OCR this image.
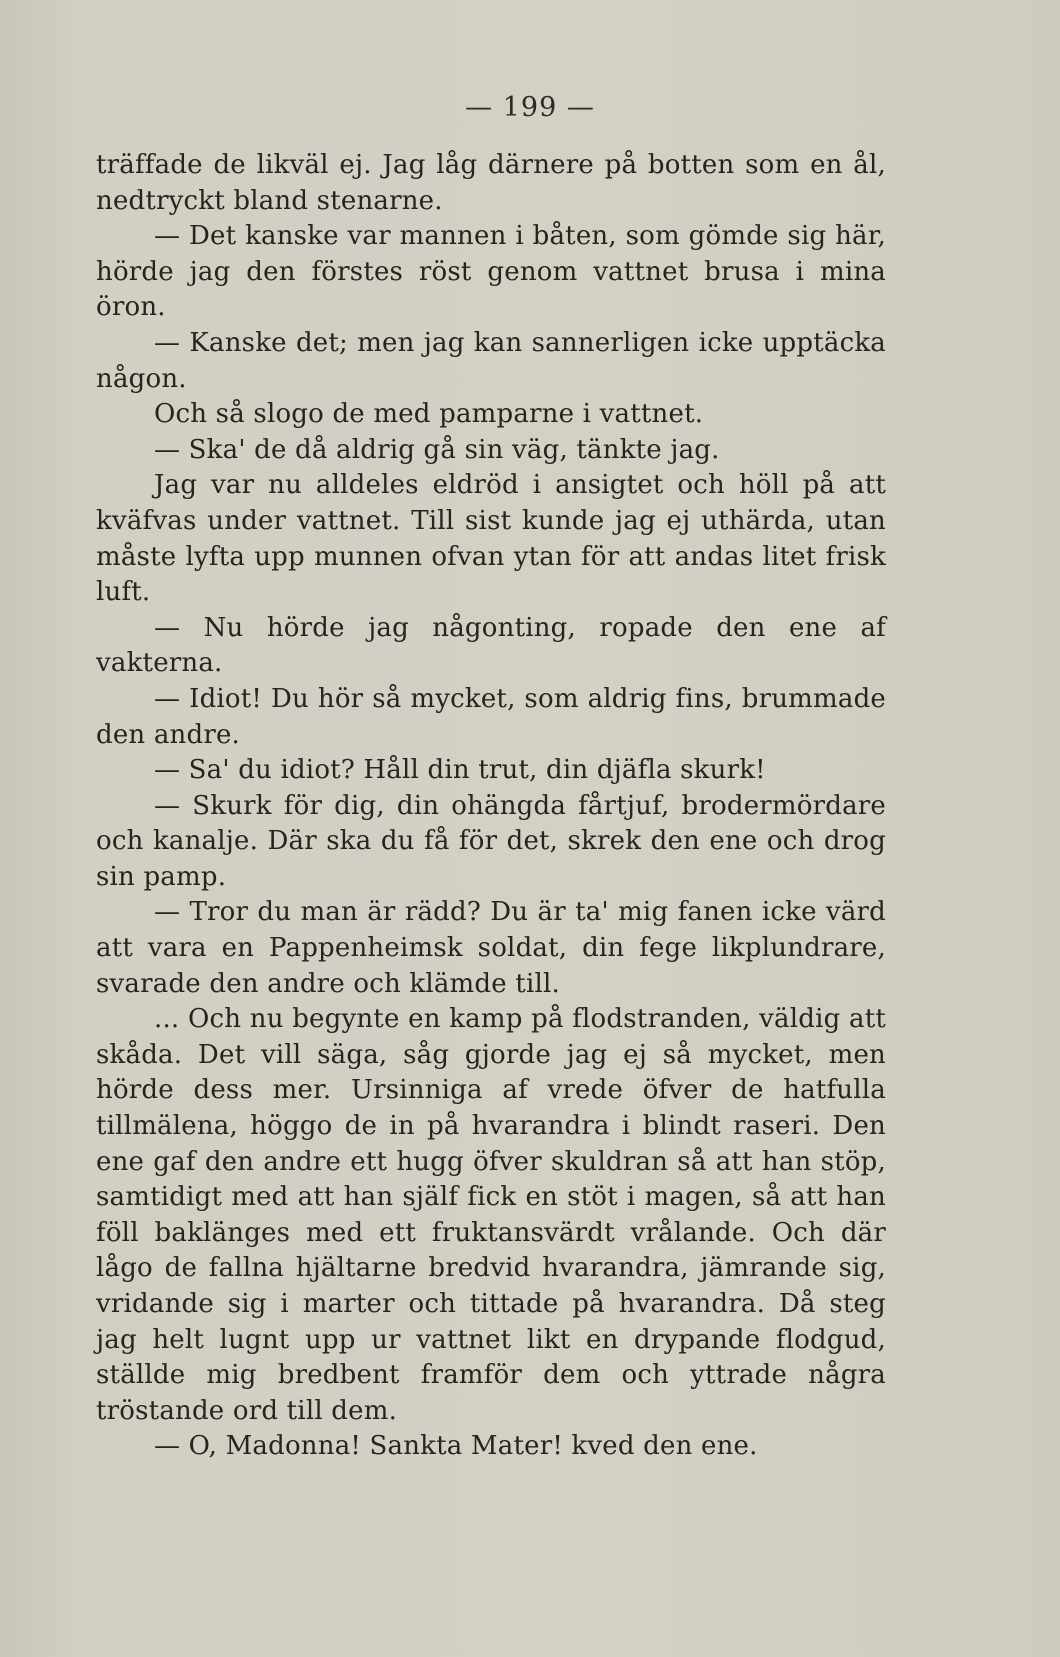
— 199 —

träffade de likväl ej. Jag låg därnere på botten som en ål, nedtryckt bland stenarne.

— Det kanske var mannen i båten, som gömde sig här, hörde jag den förstes röst genom vattnet brusa i mina öron.

— Kanske det; men jag kan sannerligen icke upptäcka någon.

Och så slogo de med pamparne i vattnet.

— Ska' de då aldrig gå sin väg, tänkte jag.

Jag var nu alldeles eldröd i ansigtet och höll på att kväfvas under vattnet. Till sist kunde jag ej uthärda, utan måste lyfta upp munnen ofvan ytan för att andas litet frisk luft.

— Nu hörde jag någonting, ropade den ene af vakterna.

— Idiot! Du hör så mycket, som aldrig fins, brummade den andre.

— Sa' du idiot? Håll din trut, din djäfla skurk!

— Skurk för dig, din ohängda fårtjuf, brodermördare och kanalje. Där ska du få för det, skrek den ene och drog sin pamp.

— Tror du man är rädd? Du är ta' mig fanen icke värd att vara en Pappenheimsk soldat, din fege likplundrare, svarade den andre och klämde till.

... Och nu begynte en kamp på flodstranden, väldig att skåda. Det vill säga, såg gjorde jag ej så mycket, men hörde dess mer. Ursinniga af vrede öfver de hatfulla tillmälena, höggo de in på hvarandra i blindt raseri. Den ene gaf den andre ett hugg öfver skuldran så att han stöp, samtidigt med att han själf fick en stöt i magen, så att han föll baklänges med ett fruktansvärdt vrålande. Och där lågo de fallna hjältarne bredvid hvarandra, jämrande sig, vridande sig i marter och tittade på hvarandra. Då steg jag helt lugnt upp ur vattnet likt en drypande flodgud, ställde mig bredbent framför dem och yttrade några tröstande ord till dem.

— O, Madonna! Sankta Mater! kved den ene.
